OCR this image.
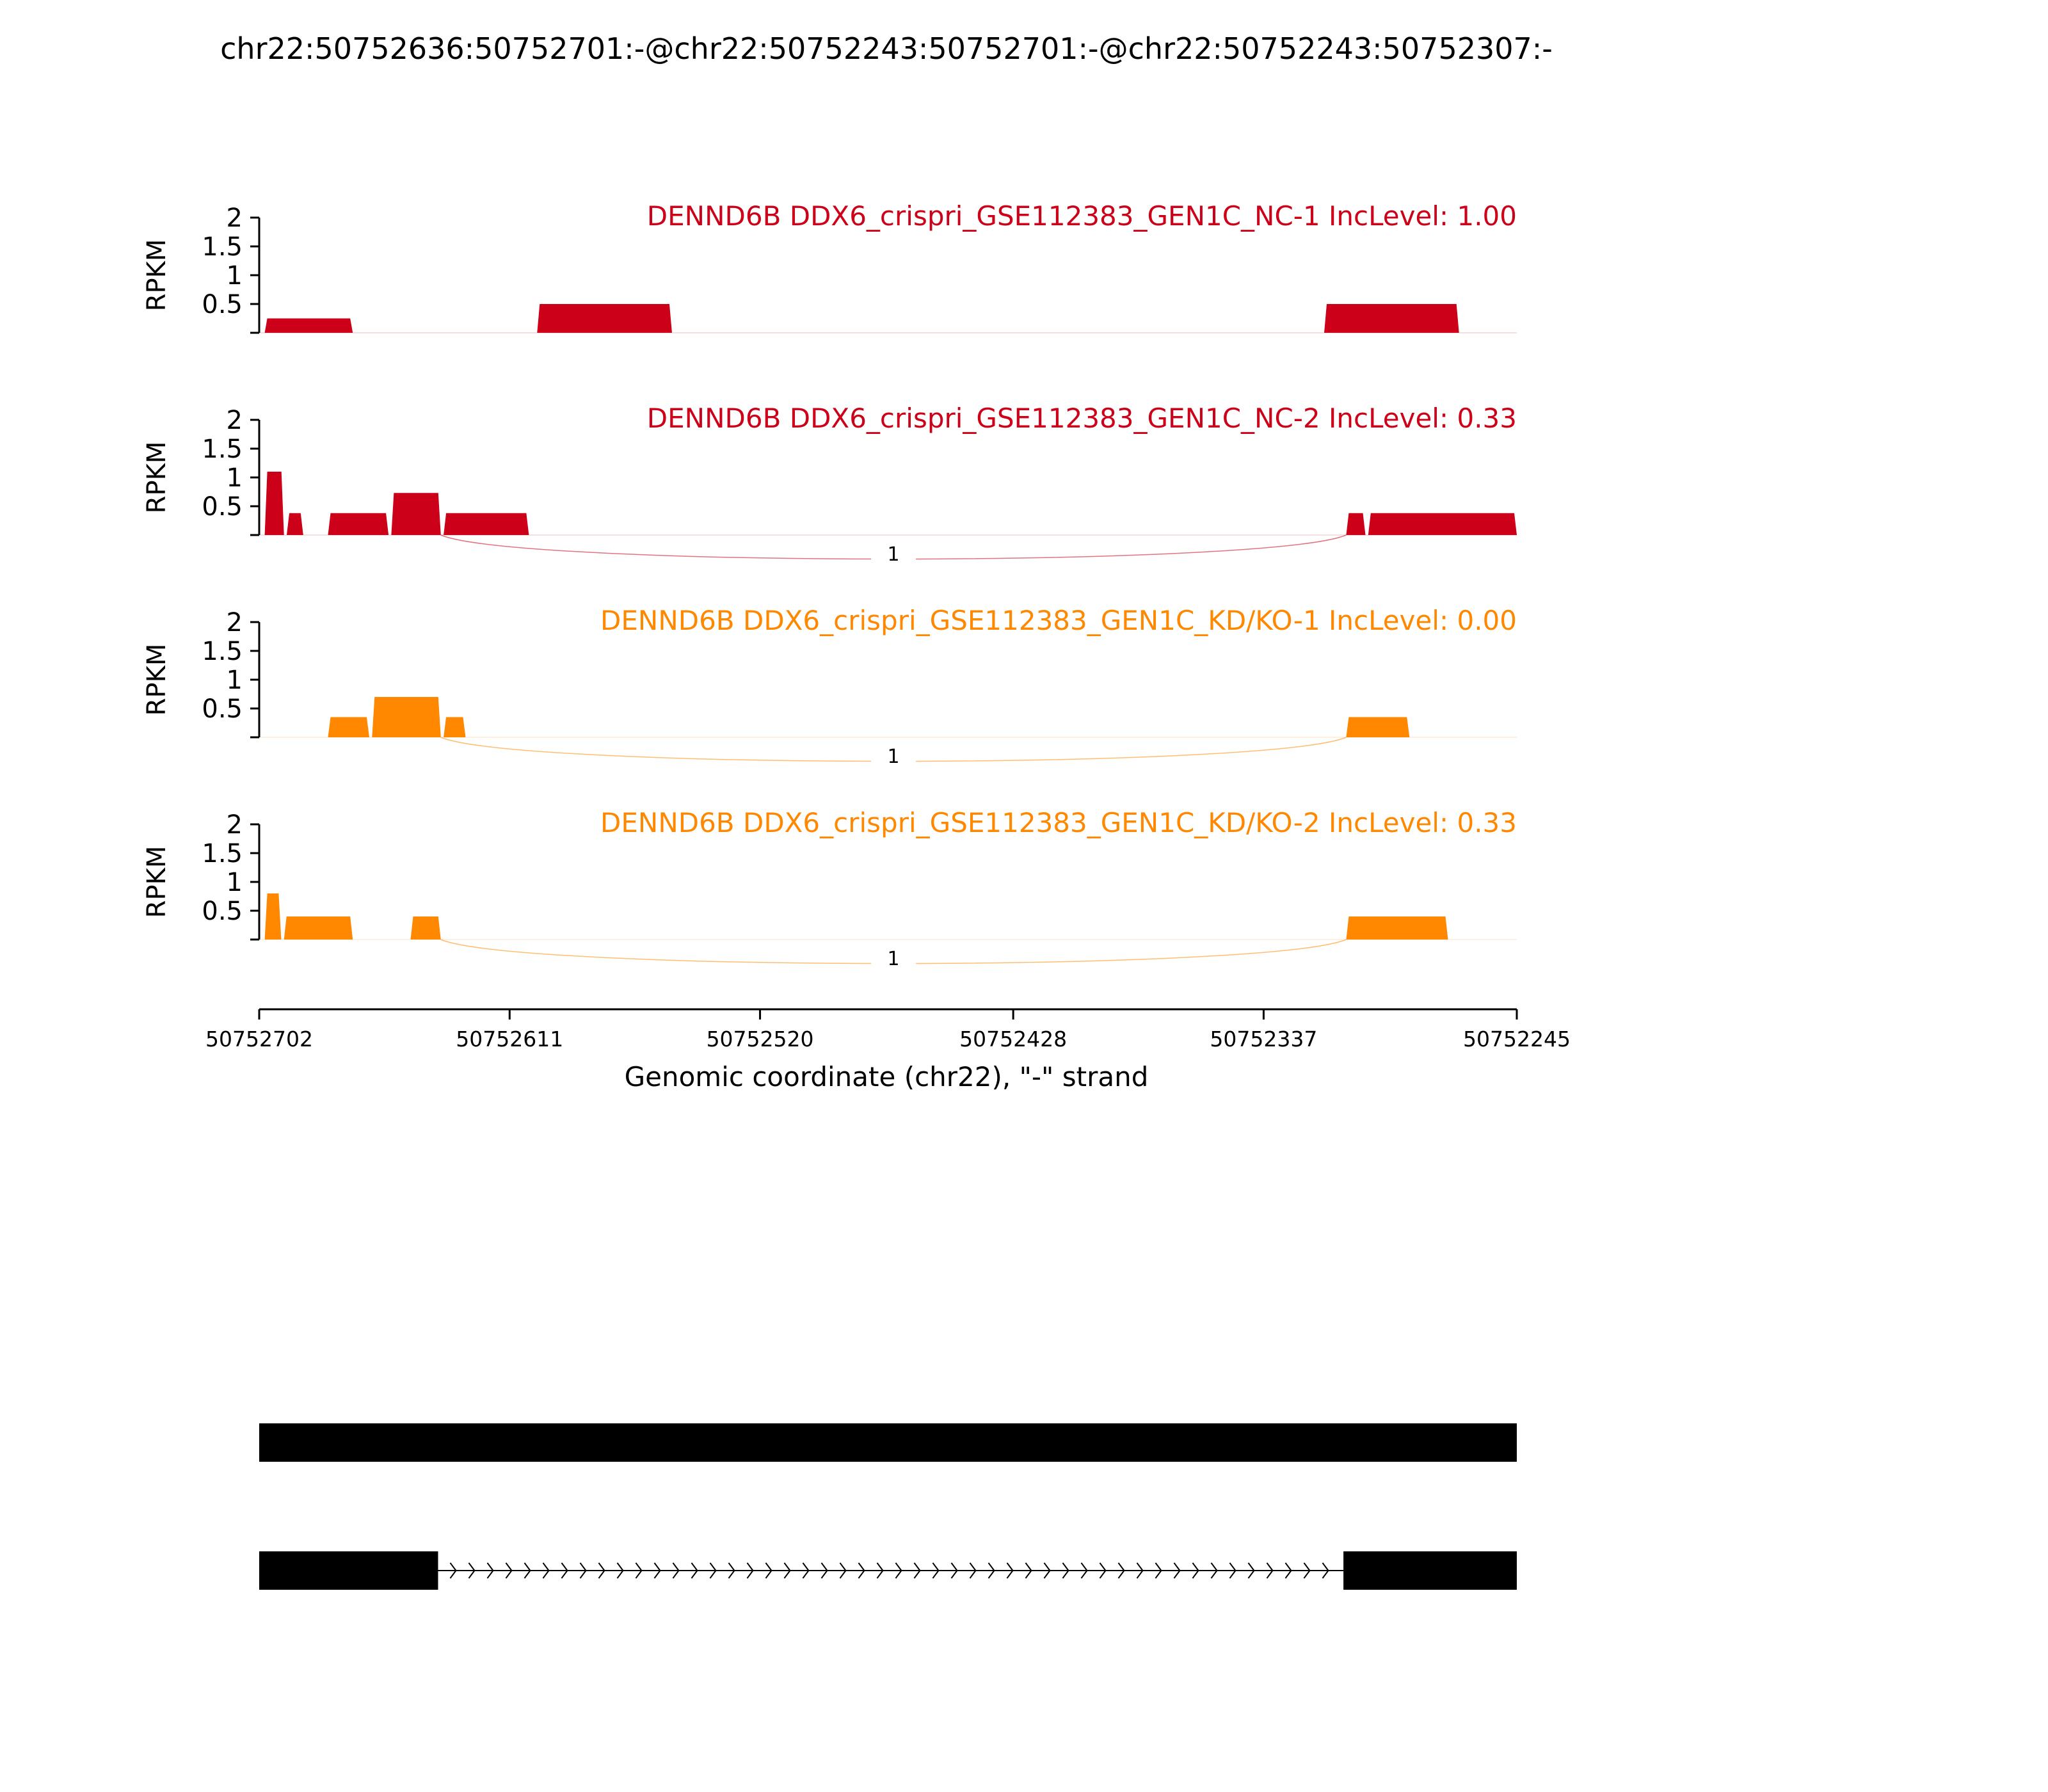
chr22:50752636:50752701:-@chr22:50752243:50752701:-@chr22:50752243:50752307:-
0.5
1
1.5
2
RPKM
DENND6B DDX6_crispri_GSE112383_GEN1C_NC-1 IncLevel: 1.00
1
0.5
1
1.5
2
RPKM
DENND6B DDX6_crispri_GSE112383_GEN1C_NC-2 IncLevel: 0.33
1
0.5
1
1.5
2
RPKM
DENND6B DDX6_crispri_GSE112383_GEN1C_KD/KO-1 IncLevel: 0.00
1
0.5
1
1.5
2
RPKM
DENND6B DDX6_crispri_GSE112383_GEN1C_KD/KO-2 IncLevel: 0.33
50752702	50752611	50752520	50752428	50752337	50752245
Genomic coordinate (chr22), "-" strand
